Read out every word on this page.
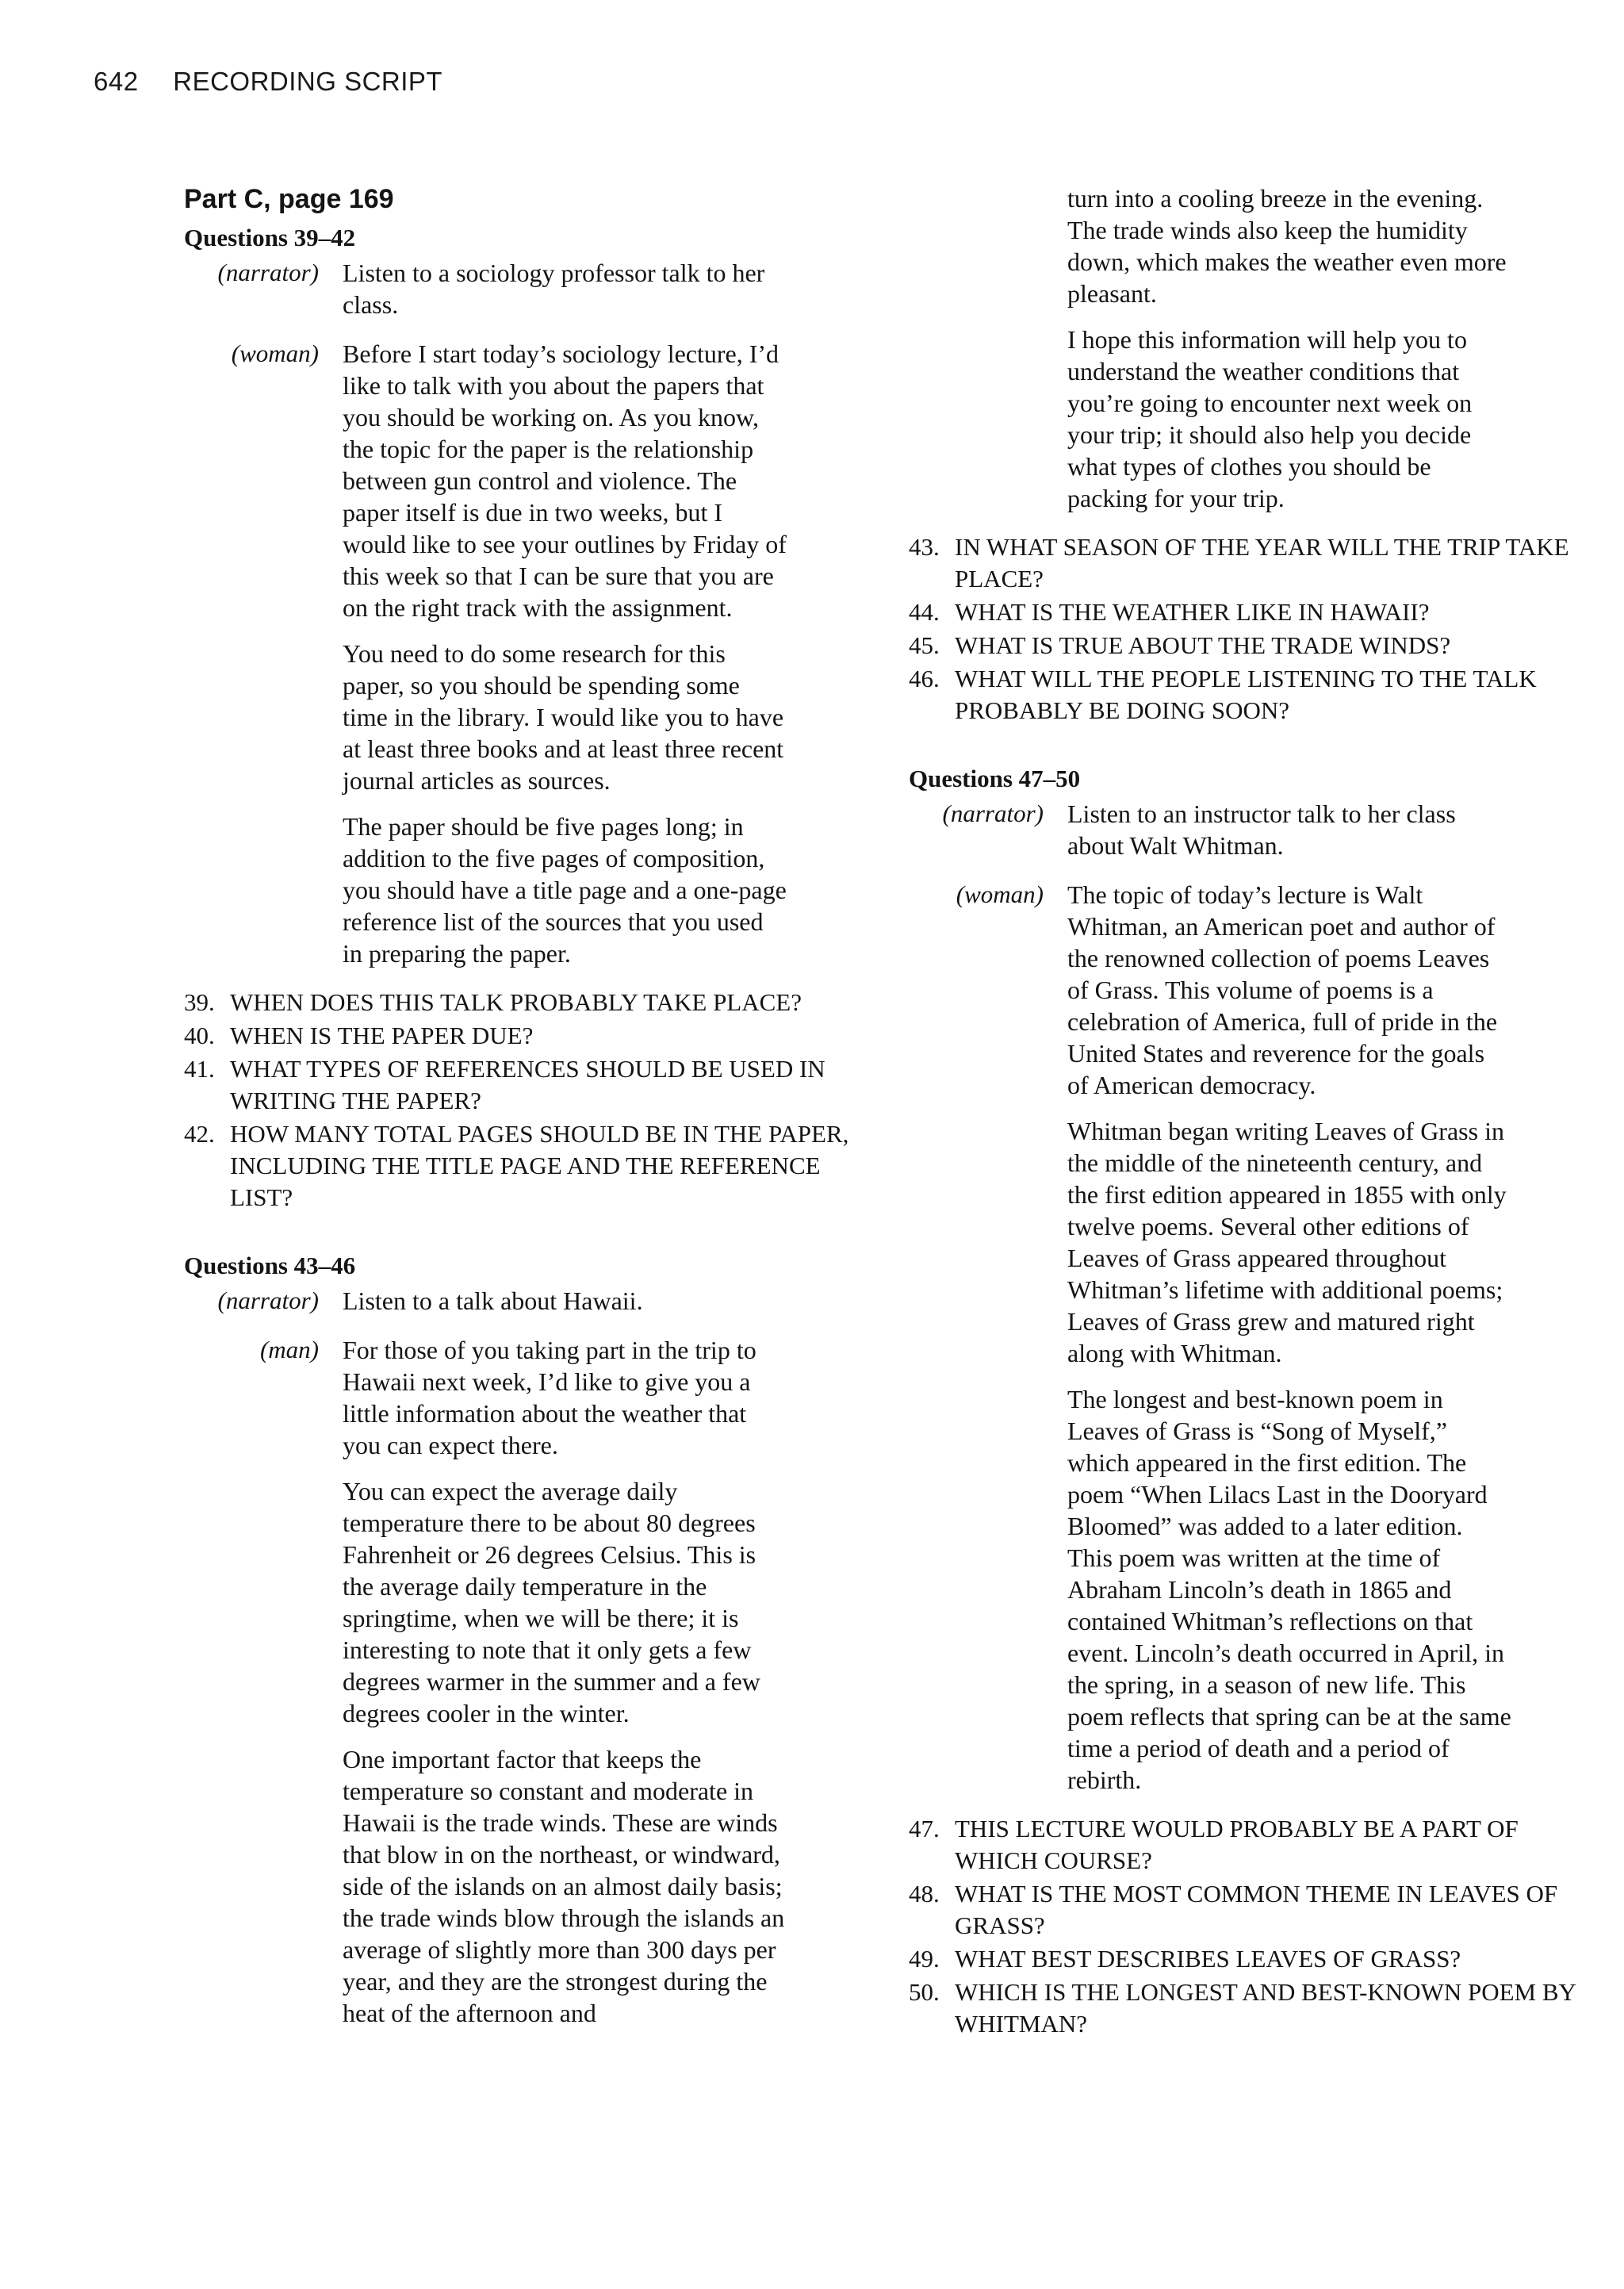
642 RECORDING SCRIPT
Part C, page 169
Questions 39–42
(narrator) Listen to a sociology professor talk to her class.

(woman) Before I start today’s sociology lecture, I’d like to talk with you about the papers that you should be working on. As you know, the topic for the paper is the relationship between gun control and violence. The paper itself is due in two weeks, but I would like to see your outlines by Friday of this week so that I can be sure that you are on the right track with the assignment.

You need to do some research for this paper, so you should be spending some time in the library. I would like you to have at least three books and at least three recent journal articles as sources.

The paper should be five pages long; in addition to the five pages of composition, you should have a title page and a one-page reference list of the sources that you used in preparing the paper.

39. WHEN DOES THIS TALK PROBABLY TAKE PLACE?
40. WHEN IS THE PAPER DUE?
41. WHAT TYPES OF REFERENCES SHOULD BE USED IN WRITING THE PAPER?
42. HOW MANY TOTAL PAGES SHOULD BE IN THE PAPER, INCLUDING THE TITLE PAGE AND THE REFERENCE LIST?
Questions 43–46
(narrator) Listen to a talk about Hawaii.

(man) For those of you taking part in the trip to Hawaii next week, I’d like to give you a little information about the weather that you can expect there.

You can expect the average daily temperature there to be about 80 degrees Fahrenheit or 26 degrees Celsius. This is the average daily temperature in the springtime, when we will be there; it is interesting to note that it only gets a few degrees warmer in the summer and a few degrees cooler in the winter.

One important factor that keeps the temperature so constant and moderate in Hawaii is the trade winds. These are winds that blow in on the northeast, or windward, side of the islands on an almost daily basis; the trade winds blow through the islands an average of slightly more than 300 days per year, and they are the strongest during the heat of the afternoon and

turn into a cooling breeze in the evening. The trade winds also keep the humidity down, which makes the weather even more pleasant.

I hope this information will help you to understand the weather conditions that you’re going to encounter next week on your trip; it should also help you decide what types of clothes you should be packing for your trip.

43. IN WHAT SEASON OF THE YEAR WILL THE TRIP TAKE PLACE?
44. WHAT IS THE WEATHER LIKE IN HAWAII?
45. WHAT IS TRUE ABOUT THE TRADE WINDS?
46. WHAT WILL THE PEOPLE LISTENING TO THE TALK PROBABLY BE DOING SOON?
Questions 47–50
(narrator) Listen to an instructor talk to her class about Walt Whitman.

(woman) The topic of today’s lecture is Walt Whitman, an American poet and author of the renowned collection of poems Leaves of Grass. This volume of poems is a celebration of America, full of pride in the United States and reverence for the goals of American democracy.

Whitman began writing Leaves of Grass in the middle of the nineteenth century, and the first edition appeared in 1855 with only twelve poems. Several other editions of Leaves of Grass appeared throughout Whitman’s lifetime with additional poems; Leaves of Grass grew and matured right along with Whitman.

The longest and best-known poem in Leaves of Grass is “Song of Myself,” which appeared in the first edition. The poem “When Lilacs Last in the Dooryard Bloomed” was added to a later edition. This poem was written at the time of Abraham Lincoln’s death in 1865 and contained Whitman’s reflections on that event. Lincoln’s death occurred in April, in the spring, in a season of new life. This poem reflects that spring can be at the same time a period of death and a period of rebirth.

47. THIS LECTURE WOULD PROBABLY BE A PART OF WHICH COURSE?
48. WHAT IS THE MOST COMMON THEME IN LEAVES OF GRASS?
49. WHAT BEST DESCRIBES LEAVES OF GRASS?
50. WHICH IS THE LONGEST AND BEST-KNOWN POEM BY WHITMAN?
